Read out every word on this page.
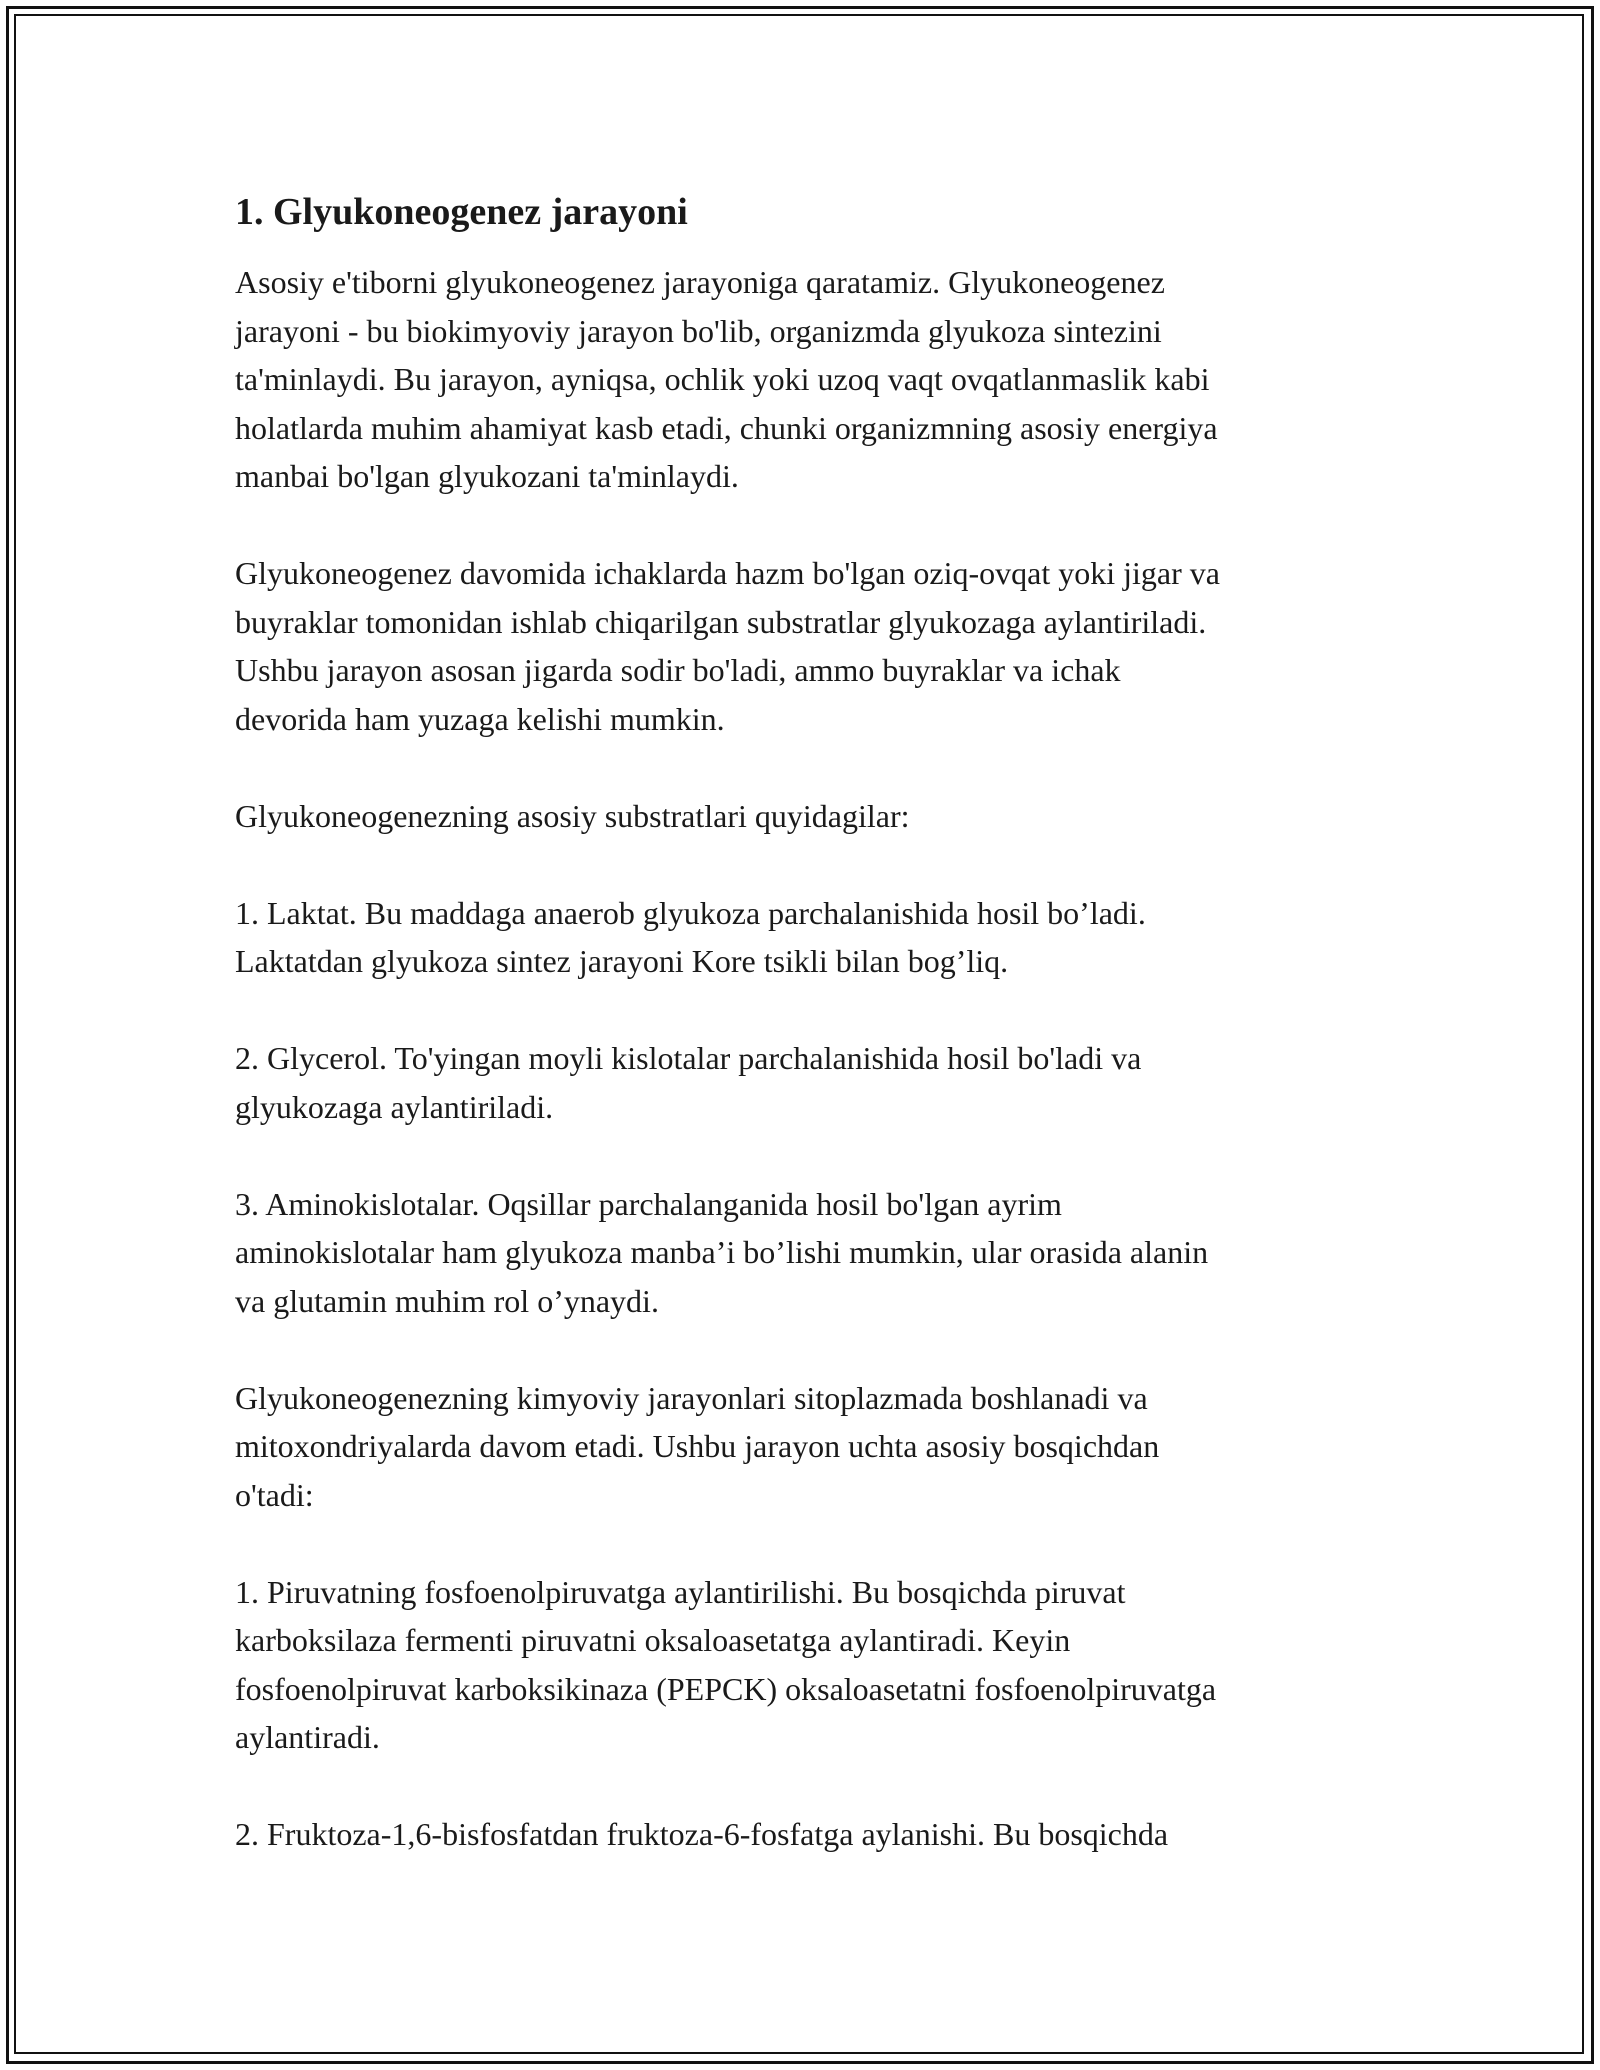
1. Glyukoneogenez jarayoni

Asosiy e'tiborni glyukoneogenez jarayoniga qaratamiz. Glyukoneogenez
jarayoni - bu biokimyoviy jarayon bo'lib, organizmda glyukoza sintezini
ta'minlaydi. Bu jarayon, ayniqsa, ochlik yoki uzoq vaqt ovqatlanmaslik kabi
holatlarda muhim ahamiyat kasb etadi, chunki organizmning asosiy energiya
manbai bo'lgan glyukozani ta'minlaydi.

Glyukoneogenez davomida ichaklarda hazm bo'lgan oziq-ovqat yoki jigar va
buyraklar tomonidan ishlab chiqarilgan substratlar glyukozaga aylantiriladi.
Ushbu jarayon asosan jigarda sodir bo'ladi, ammo buyraklar va ichak
devorida ham yuzaga kelishi mumkin.

Glyukoneogenezning asosiy substratlari quyidagilar:

1. Laktat. Bu maddaga anaerob glyukoza parchalanishida hosil bo’ladi.
Laktatdan glyukoza sintez jarayoni Kore tsikli bilan bog’liq.

2. Glycerol. To'yingan moyli kislotalar parchalanishida hosil bo'ladi va
glyukozaga aylantiriladi.

3. Aminokislotalar. Oqsillar parchalanganida hosil bo'lgan ayrim
aminokislotalar ham glyukoza manba’i bo’lishi mumkin, ular orasida alanin
va glutamin muhim rol o’ynaydi.

Glyukoneogenezning kimyoviy jarayonlari sitoplazmada boshlanadi va
mitoxondriyalarda davom etadi. Ushbu jarayon uchta asosiy bosqichdan
o'tadi:

1. Piruvatning fosfoenolpiruvatga aylantirilishi. Bu bosqichda piruvat
karboksilaza fermenti piruvatni oksaloasetatga aylantiradi. Keyin
fosfoenolpiruvat karboksikinaza (PEPCK) oksaloasetatni fosfoenolpiruvatga
aylantiradi.

2. Fruktoza-1,6-bisfosfatdan fruktoza-6-fosfatga aylanishi. Bu bosqichda
